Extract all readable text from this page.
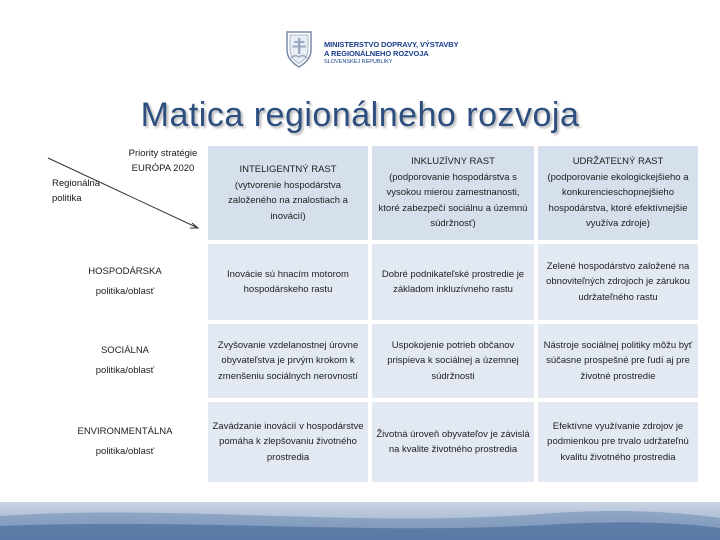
MINISTERSTVO DOPRAVY, VÝSTAVBY
A REGIONÁLNEHO ROZVOJA
SLOVENSKEJ REPUBLIKY
Matica regionálneho rozvoja
Priority stratégie EURÓPA 2020
Regionálna politika
INTELIGENTNÝ RAST
(vytvorenie hospodárstva založeného na znalostiach a inovácií)
INKLUZÍVNY RAST
(podporovanie hospodárstva s vysokou mierou zamestnanosti, ktoré zabezpečí sociálnu a územnú súdržnosť)
UDRŽATEĽNÝ RAST
(podporovanie ekologickejšieho a konkurencieschopnejšieho hospodárstva, ktoré efektívnejšie využíva zdroje)
HOSPODÁRSKA
politika/oblasť
Inovácie sú hnacím motorom hospodárskeho rastu
Dobré podnikateľské prostredie je základom inkluzívneho rastu
Zelené hospodárstvo založené na obnoviteľných zdrojoch je zárukou udržateľného rastu
SOCIÁLNA
politika/oblasť
Zvyšovanie vzdelanostnej úrovne obyvateľstva je prvým krokom k zmenšeniu sociálnych nerovností
Uspokojenie potrieb občanov prispieva k sociálnej a územnej súdržnosti
Nástroje sociálnej politiky môžu byť súčasne prospešné pre ľudí aj pre životné prostredie
ENVIRONMENTÁLNA
politika/oblasť
Zavádzanie inovácií v hospodárstve pomáha k zlepšovaniu životného prostredia
Životná úroveň obyvateľov je závislá na kvalite životného prostredia
Efektívne využívanie zdrojov je podmienkou pre trvalo udržateľnú kvalitu životného prostredia
